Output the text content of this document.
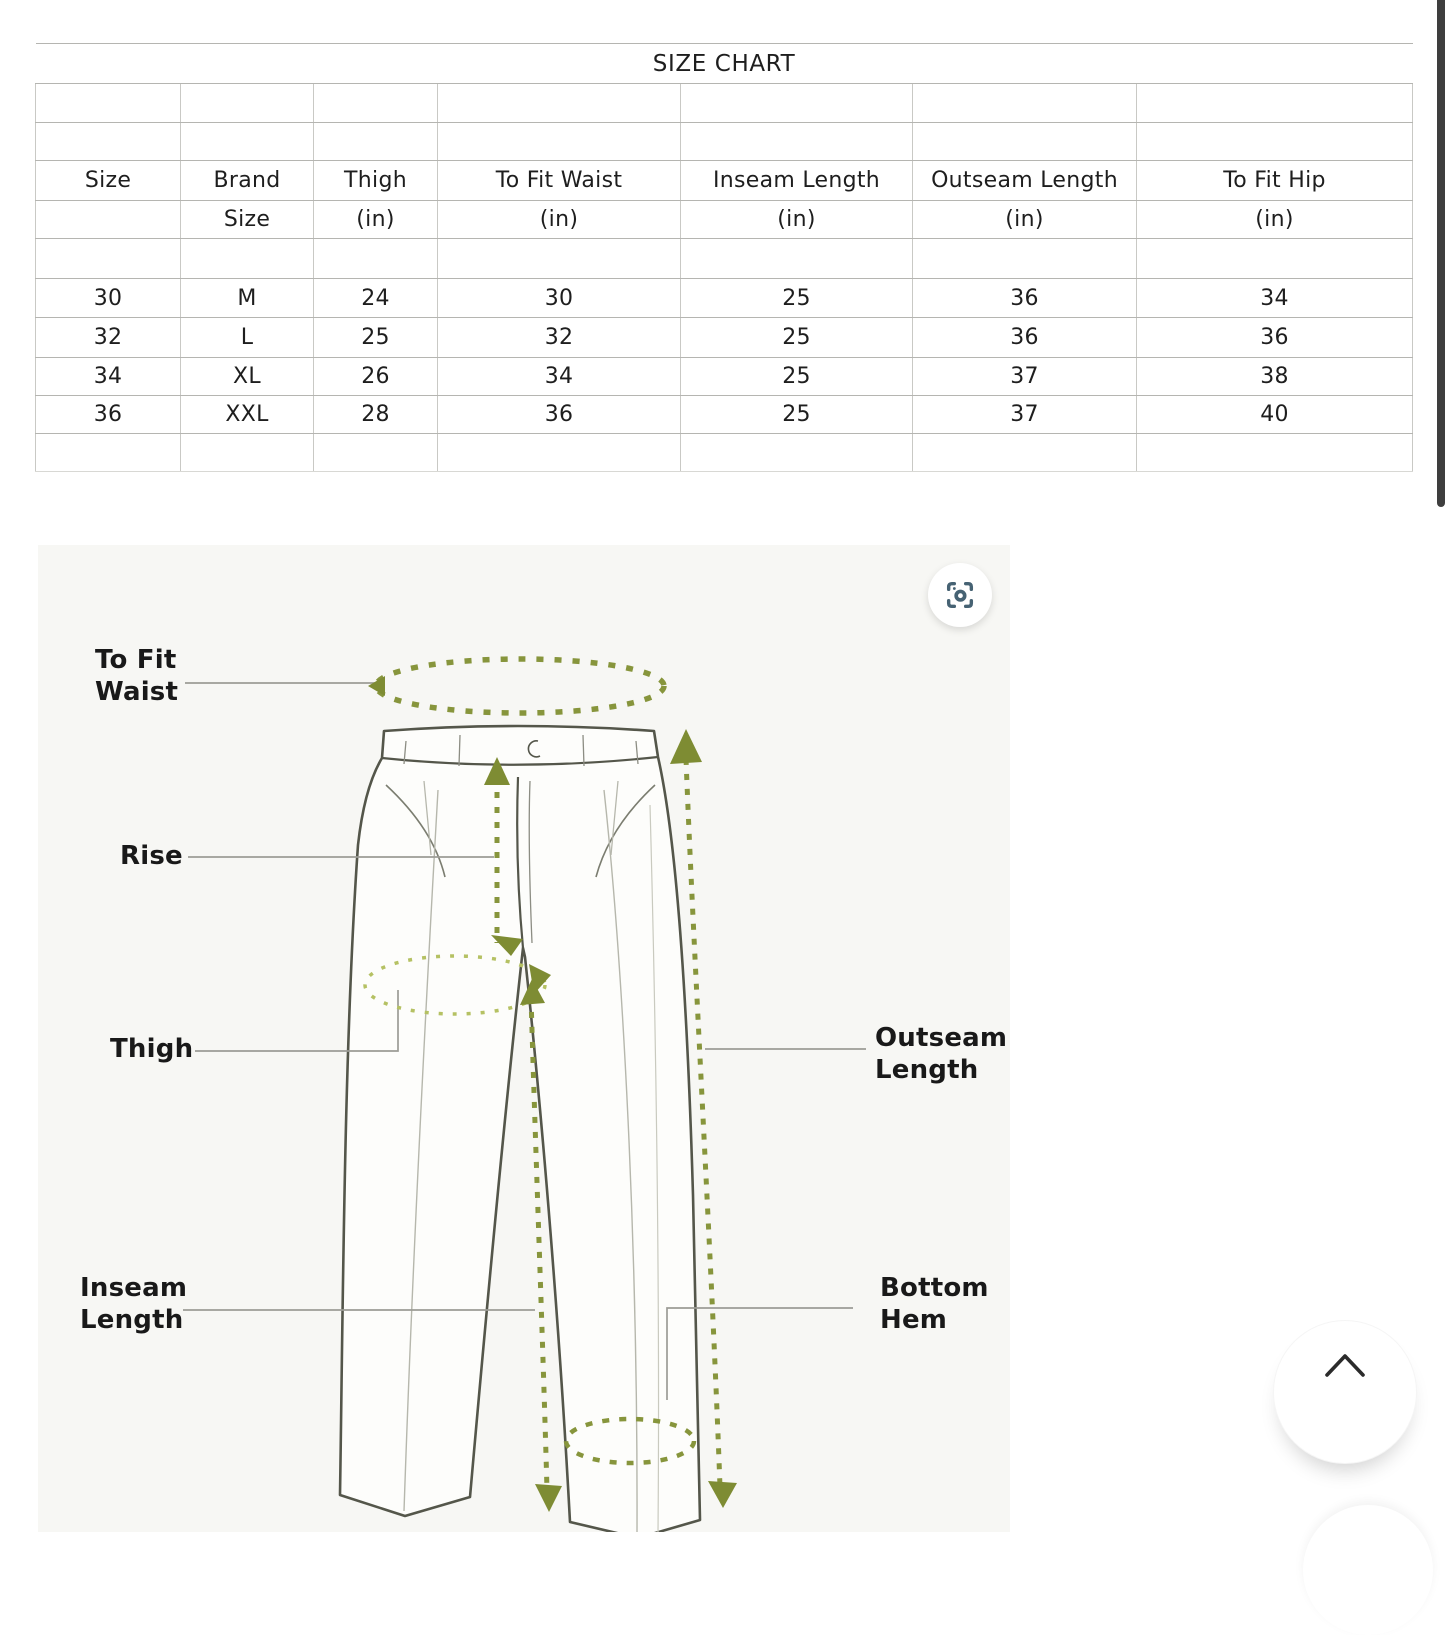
SIZE CHART						

Size	Brand	Thigh	To Fit Waist	Inseam Length	Outseam Length	To Fit Hip
	Size	(in)	(in)	(in)	(in)	(in)

30	M	24	30	25	36	34
32	L	25	32	25	36	36
34	XL	26	34	25	37	38
36	XXL	28	36	25	37	40

To Fit
Waist
Rise
Thigh
Inseam
Length
Outseam
Length
Bottom
Hem
